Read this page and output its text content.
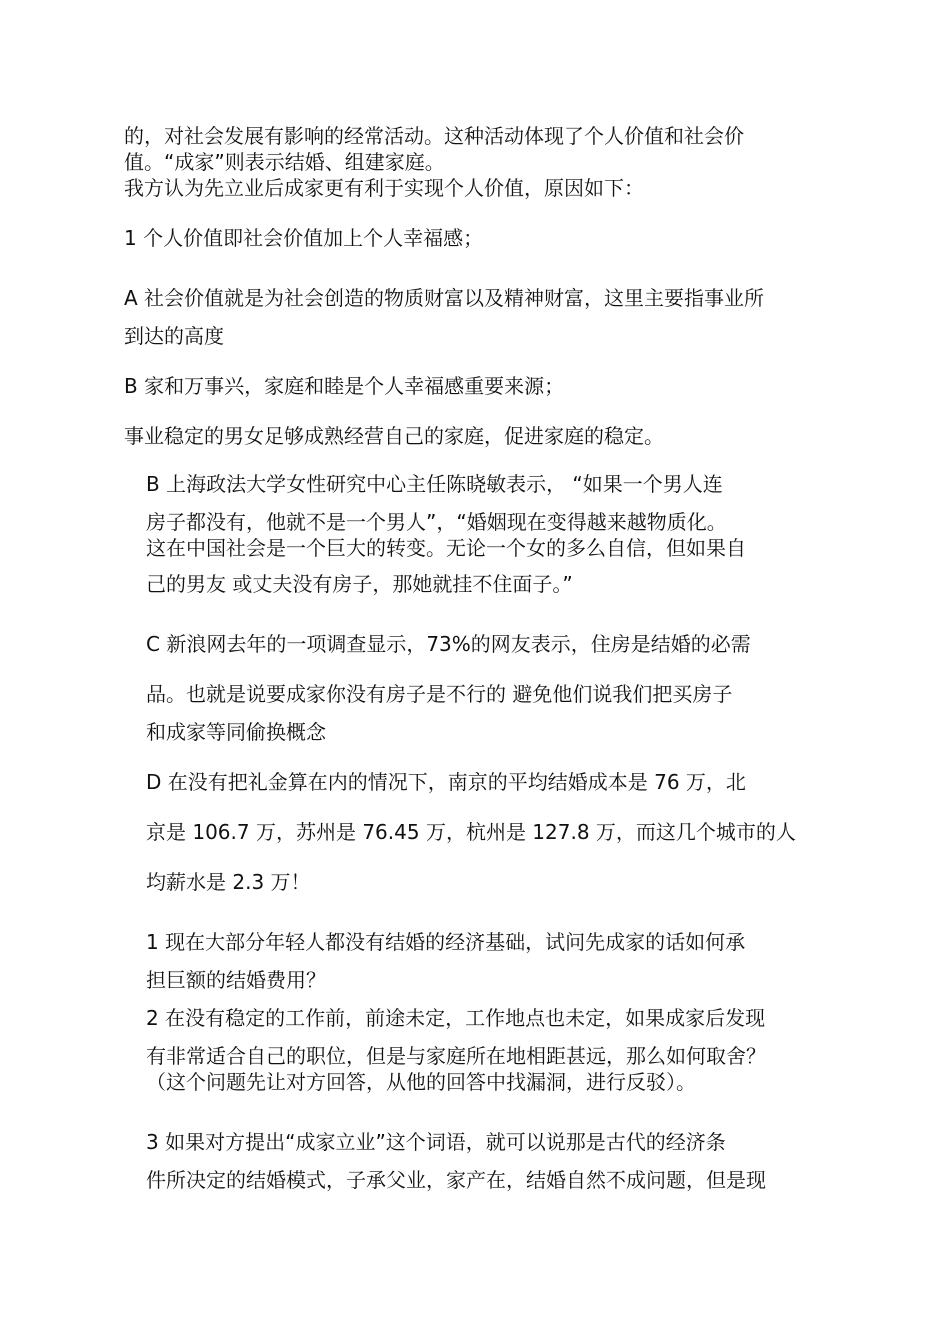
的，对社会发展有影响的经常活动。这种活动体现了个人价值和社会价
值。“成家”则表示结婚、组建家庭。
我方认为先立业后成家更有利于实现个人价值，原因如下：
1 个人价值即社会价值加上个人幸福感；
A 社会价值就是为社会创造的物质财富以及精神财富，这里主要指事业所
到达的高度
B 家和万事兴，家庭和睦是个人幸福感重要来源；
事业稳定的男女足够成熟经营自己的家庭，促进家庭的稳定。
B 上海政法大学女性研究中心主任陈晓敏表示， “如果一个男人连
房子都没有，他就不是一个男人”，“婚姻现在变得越来越物质化。
这在中国社会是一个巨大的转变。无论一个女的多么自信，但如果自
己的男友 或丈夫没有房子，那她就挂不住面子。”
C 新浪网去年的一项调查显示，73%的网友表示，住房是结婚的必需
品。也就是说要成家你没有房子是不行的 避免他们说我们把买房子
和成家等同偷换概念
D 在没有把礼金算在内的情况下，南京的平均结婚成本是 76 万，北
京是 106.7 万，苏州是 76.45 万，杭州是 127.8 万，而这几个城市的人
均薪水是 2.3 万！
1 现在大部分年轻人都没有结婚的经济基础，试问先成家的话如何承
担巨额的结婚费用？
2 在没有稳定的工作前，前途未定，工作地点也未定，如果成家后发现
有非常适合自己的职位，但是与家庭所在地相距甚远，那么如何取舍？
（这个问题先让对方回答，从他的回答中找漏洞，进行反驳）。
3 如果对方提出“成家立业”这个词语，就可以说那是古代的经济条
件所决定的结婚模式，子承父业，家产在，结婚自然不成问题，但是现
